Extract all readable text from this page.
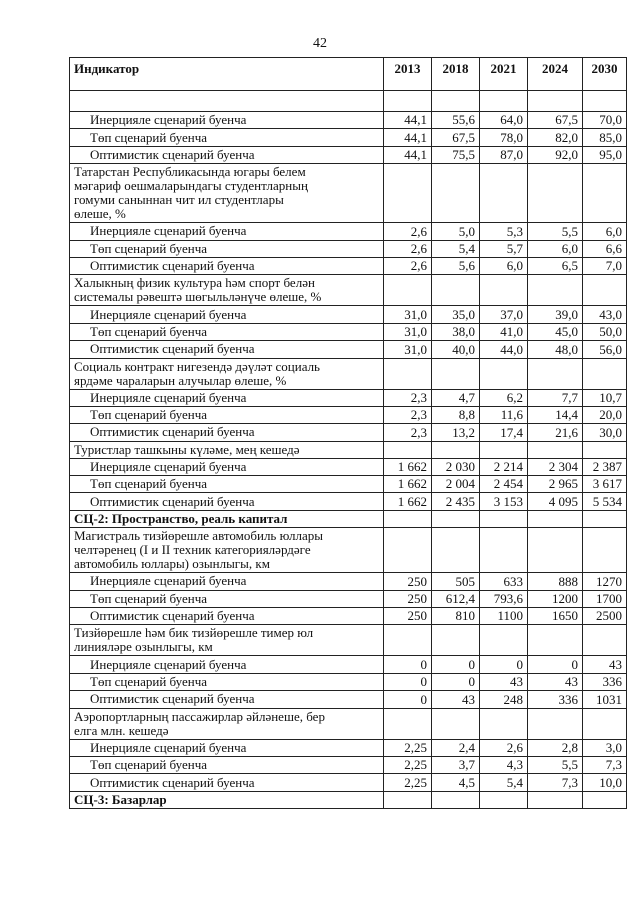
42
Индикатор	2013	2018	2021	2024	2030

Инерцияле сценарий буенча	44,1	55,6	64,0	67,5	70,0
Төп сценарий буенча	44,1	67,5	78,0	82,0	85,0
Оптимистик сценарий буенча	44,1	75,5	87,0	92,0	95,0

Татарстан Республикасында югары белем
мәгариф оешмаларындагы студентларның
гомуми саныннан чит ил студентлары
өлеше, %					

Инерцияле сценарий буенча	2,6	5,0	5,3	5,5	6,0
Төп сценарий буенча	2,6	5,4	5,7	6,0	6,6
Оптимистик сценарий буенча	2,6	5,6	6,0	6,5	7,0

Халыкның физик культура һәм спорт белән
системалы рәвештә шөгыльләнүче өлеше, %					

Инерцияле сценарий буенча	31,0	35,0	37,0	39,0	43,0
Төп сценарий буенча	31,0	38,0	41,0	45,0	50,0
Оптимистик сценарий буенча	31,0	40,0	44,0	48,0	56,0

Социаль контракт нигезендә дәүләт социаль
ярдәме чараларын алучылар өлеше, %					

Инерцияле сценарий буенча	2,3	4,7	6,2	7,7	10,7
Төп сценарий буенча	2,3	8,8	11,6	14,4	20,0
Оптимистик сценарий буенча	2,3	13,2	17,4	21,6	30,0

Туристлар ташкыны күләме, мең кешедә					

Инерцияле сценарий буенча	1 662	2 030	2 214	2 304	2 387
Төп сценарий буенча	1 662	2 004	2 454	2 965	3 617
Оптимистик сценарий буенча	1 662	2 435	3 153	4 095	5 534
СЦ-2: Пространство, реаль капитал					

Магистраль тизйөрешле автомобиль юллары
челтәренец (I и II техник категорияләрдәге
автомобиль юллары) озынлыгы, км					

Инерцияле сценарий буенча	250	505	633	888	1270
Төп сценарий буенча	250	612,4	793,6	1200	1700
Оптимистик сценарий буенча	250	810	1100	1650	2500

Тизйөрешле һәм бик тизйөрешле тимер юл
линияләре озынлыгы, км					

Инерцияле сценарий буенча	0	0	0	0	43
Төп сценарий буенча	0	0	43	43	336
Оптимистик сценарий буенча	0	43	248	336	1031

Аэропортларның пассажирлар әйләнеше, бер
елга млн. кешедә					

Инерцияле сценарий буенча	2,25	2,4	2,6	2,8	3,0
Төп сценарий буенча	2,25	3,7	4,3	5,5	7,3
Оптимистик сценарий буенча	2,25	4,5	5,4	7,3	10,0
СЦ-3: Базарлар					
